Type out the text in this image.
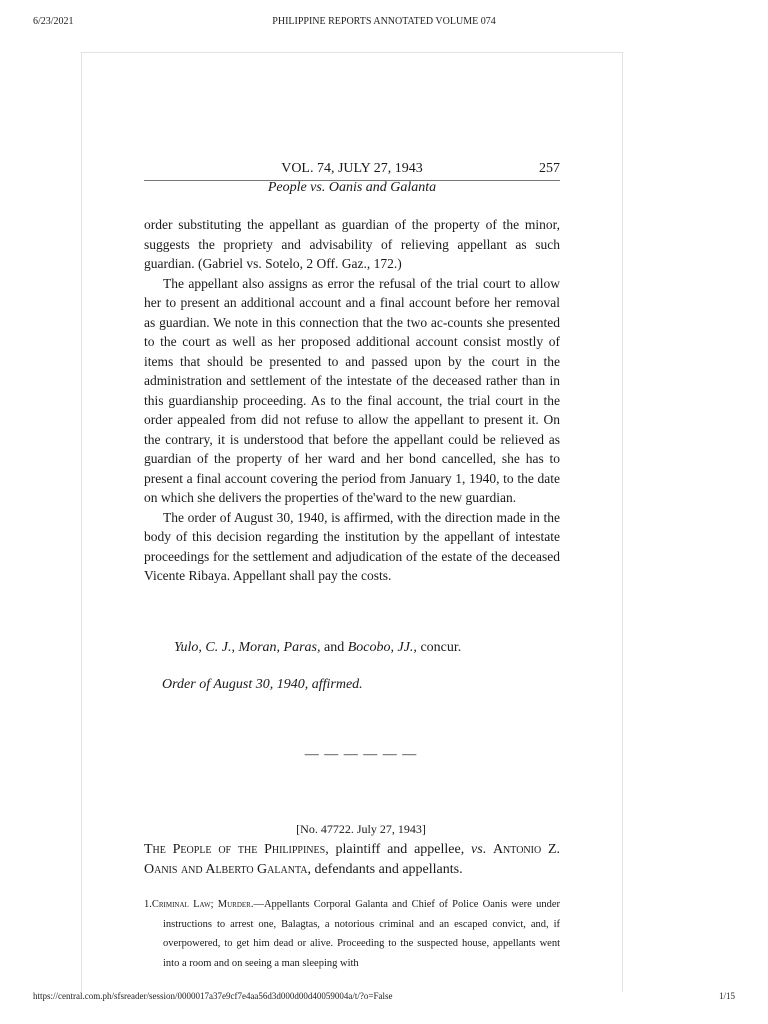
6/23/2021	PHILIPPINE REPORTS ANNOTATED VOLUME 074
VOL. 74, JULY 27, 1943	257
People vs. Oanis and Galanta

order substituting the appellant as guardian of the property of the minor, suggests the propriety and advisability of relieving appellant as such guardian. (Gabriel vs. Sotelo, 2 Off. Gaz., 172.)

The appellant also assigns as error the refusal of the trial court to allow her to present an additional account and a final account before her removal as guardian. We note in this connection that the two ac-counts she presented to the court as well as her proposed additional account consist mostly of items that should be presented to and passed upon by the court in the administration and settlement of the intestate of the deceased rather than in this guardianship proceeding. As to the final account, the trial court in the order appealed from did not refuse to allow the appellant to present it. On the contrary, it is understood that before the appellant could be relieved as guardian of the property of her ward and her bond cancelled, she has to present a final account covering the period from January 1, 1940, to the date on which she delivers the properties of the'ward to the new guardian.

The order of August 30, 1940, is affirmed, with the direction made in the body of this decision regarding the institution by the appellant of intestate proceedings for the settlement and adjudication of the estate of the deceased Vicente Ribaya. Appellant shall pay the costs.

Yulo, C. J., Moran, Paras, and Bocobo, JJ., concur.
Order of August 30, 1940, affirmed.
— — — — — —
[No. 47722. July 27, 1943]
The People of the Philippines, plaintiff and appellee, vs. Antonio Z. Oanis and Alberto Galanta, defendants and appellants.
1.Criminal Law; Murder.—Appellants Corporal Galanta and Chief of Police Oanis were under instructions to arrest one, Balagtas, a notorious criminal and an escaped convict, and, if overpowered, to get him dead or alive. Proceeding to the suspected house, appellants went into a room and on seeing a man sleeping with
https://central.com.ph/sfsreader/session/0000017a37e9cf7e4aa56d3d000d00d40059004a/t/?o=False	1/15
